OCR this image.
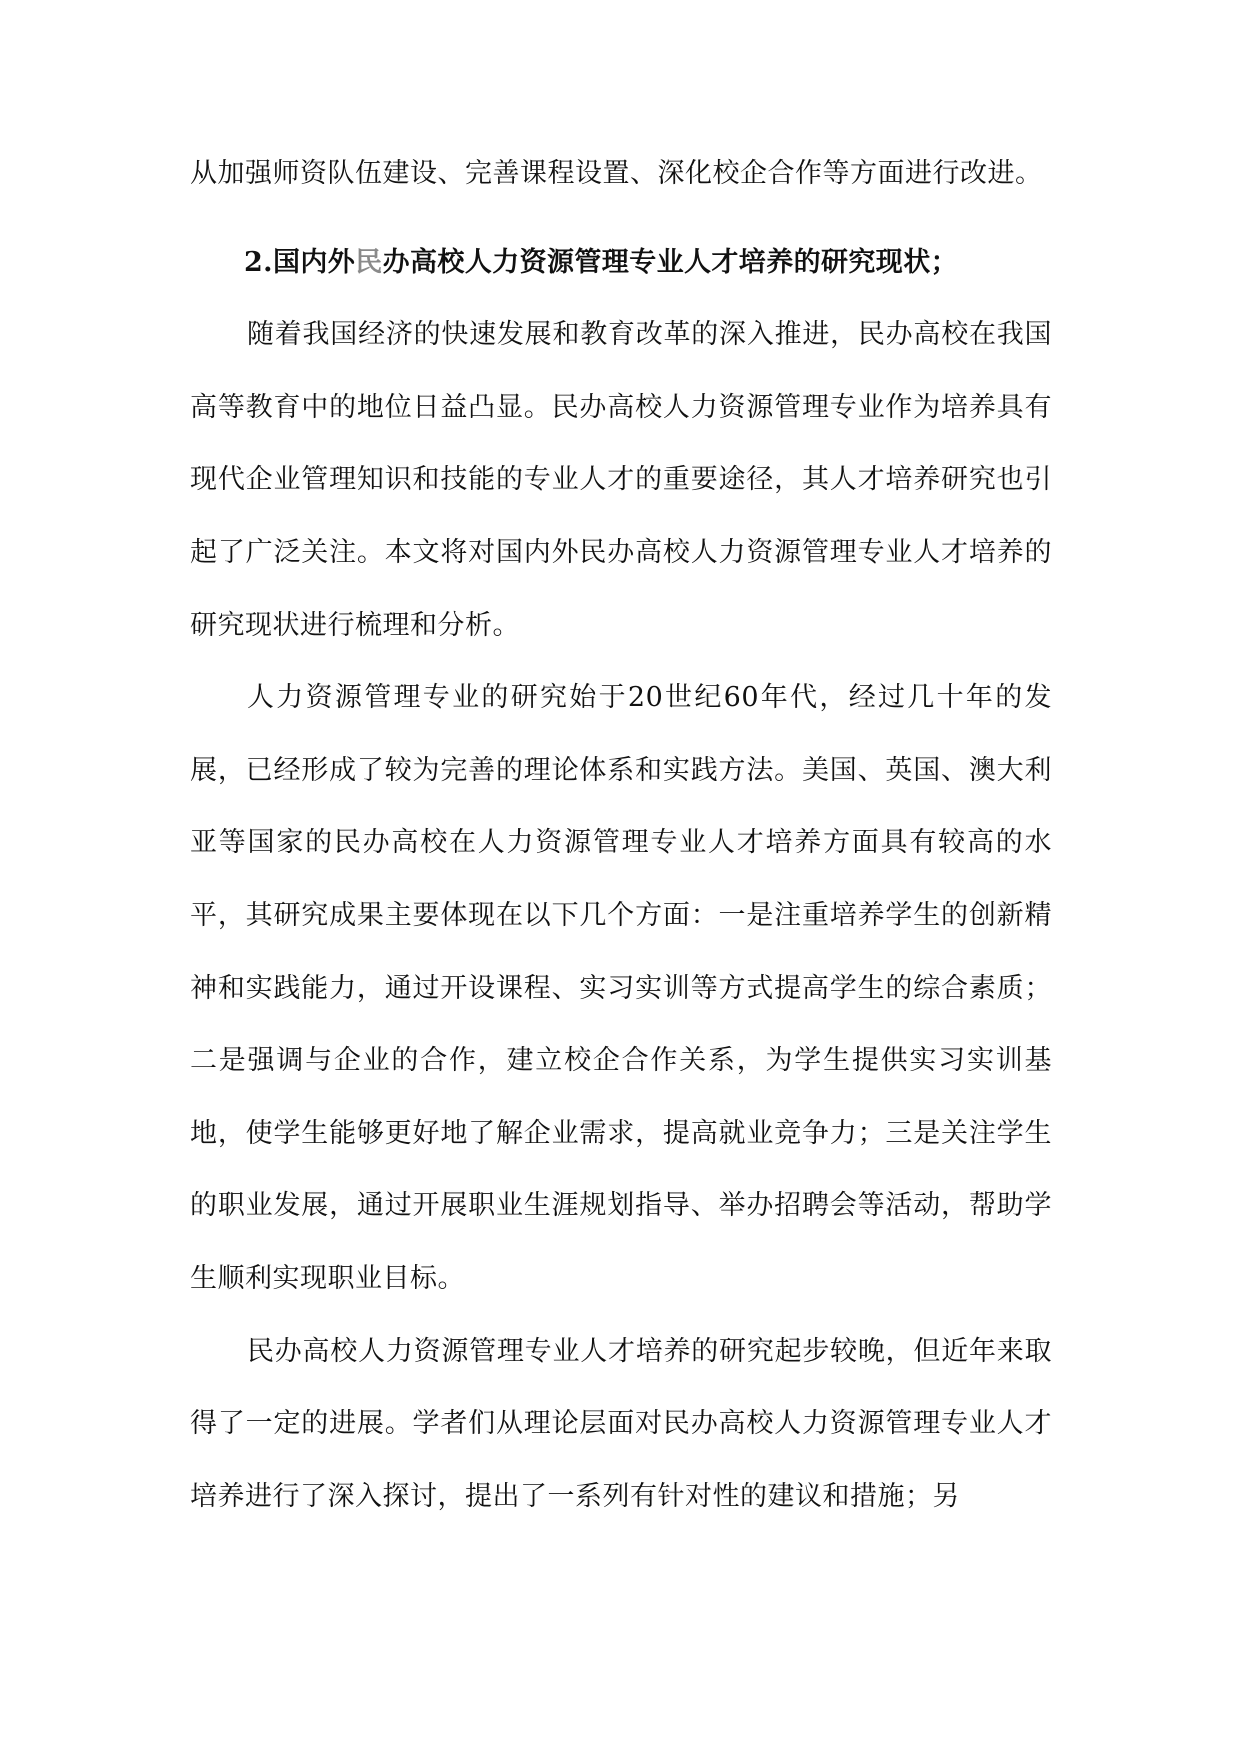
从加强师资队伍建设、完善课程设置、深化校企合作等方面进行改进。

2.国内外民办高校人力资源管理专业人才培养的研究现状；

随着我国经济的快速发展和教育改革的深入推进，民办高校在我国高等教育中的地位日益凸显。民办高校人力资源管理专业作为培养具有现代企业管理知识和技能的专业人才的重要途径，其人才培养研究也引起了广泛关注。本文将对国内外民办高校人力资源管理专业人才培养的研究现状进行梳理和分析。

人力资源管理专业的研究始于20世纪60年代，经过几十年的发展，已经形成了较为完善的理论体系和实践方法。美国、英国、澳大利亚等国家的民办高校在人力资源管理专业人才培养方面具有较高的水平，其研究成果主要体现在以下几个方面：一是注重培养学生的创新精神和实践能力，通过开设课程、实习实训等方式提高学生的综合素质；二是强调与企业的合作，建立校企合作关系，为学生提供实习实训基地，使学生能够更好地了解企业需求，提高就业竞争力；三是关注学生的职业发展，通过开展职业生涯规划指导、举办招聘会等活动，帮助学生顺利实现职业目标。

民办高校人力资源管理专业人才培养的研究起步较晚，但近年来取得了一定的进展。学者们从理论层面对民办高校人力资源管理专业人才培养进行了深入探讨，提出了一系列有针对性的建议和措施；另
